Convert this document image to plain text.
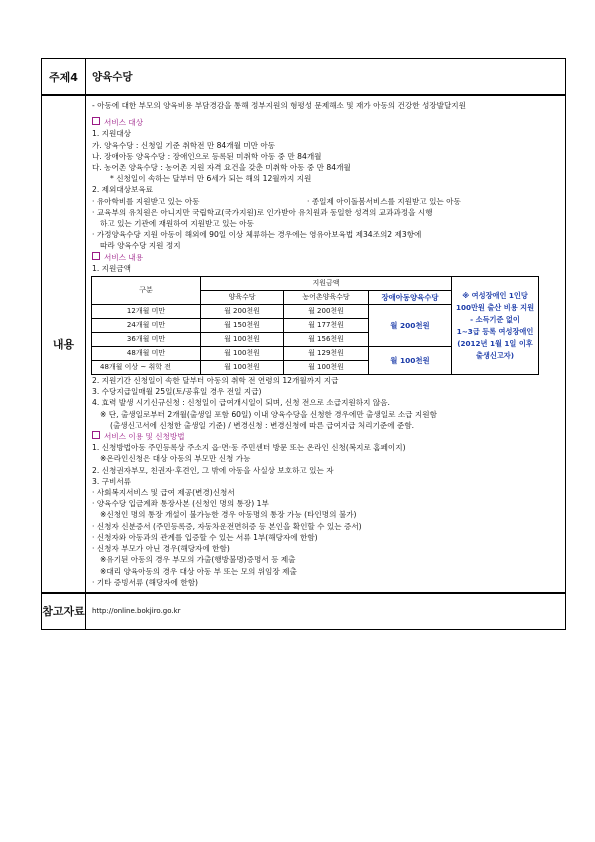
주제4	양육수당
내용	
- 아동에 대한 부모의 양육비용 부담경감을 통해 정부지원의 형평성 문제해소 및 재가 아동의 건강한 성장발달지원
서비스 대상
1. 지원대상
가. 양육수당 : 신청일 기준 취학전 만 84개월 미만 아동
나. 장애아동 양육수당 : 장애인으로 등록된 미취학 아동 중 만 84개월
다. 농어촌 양육수당 : 농어촌 지원 자격 요건을 갖춘 미취학 아동 중 만 84개월
* 신청일이 속하는 달부터 만 6세가 되는 해의 12월까지 지원
2. 제외대상보육료
· 유아학비를 지원받고 있는 아동	· 종일제 아이돌봄서비스를 지원받고 있는 아동
· 교육부의 유치원은 아니지만 국립학교(국가지원)로 인가받아 유치원과 동일한 성격의 교과과정을 시행
하고 있는 기관에 재원하여 지원받고 있는 아동
· 가정양육수당 지원 아동이 해외에 90일 이상 체류하는 경우에는 영유아보육법 제34조의2 제3항에
따라 양육수당 지원 정지
서비스 내용
1. 지원금액
구분	지원금액	
※ 여성장애인 1인당
100만원 출산 비용 지원
- 소득기준 없이
1~3급 등록 여성장애인
(2012년 1월 1일 이후
출생신고자)

양육수당	농어촌양육수당	장애아동양육수당
12개월 미만	월 200천원	월 200천원	월 200천원
24개월 미만	월 150천원	월 177천원
36개월 미만	월 100천원	월 156천원
48개월 미만	월 100천원	월 129천원	월 100천원
48개월 이상 ~ 취학 전	월 100천원	월 100천원
2. 지원기간 신청일이 속한 달부터 아동의 취학 전 연령의 12개월까지 지급
3. 수당지급일매월 25일(토/공휴일 경우 전일 지급)
4. 효력 발생 시기신규신청 : 신청일이 급여개시일이 되며, 신청 전으로 소급지원하지 않음.
※ 단, 출생일로부터 2개월(출생일 포함 60일) 이내 양육수당을 신청한 경우에만 출생일로 소급 지원함
(출생신고서에 신청한 출생일 기준) / 변경신청 : 변경신청에 따른 급여지급 처리기준에 준함.
서비스 이용 및 신청방법
1. 신청방법아동 주민등록상 주소지 읍·면·동 주민센터 방문 또는 온라인 신청(복지로 홈페이지)
※온라인신청은 대상 아동의 부모만 신청 가능
2. 신청권자부모, 친권자·후견인, 그 밖에 아동을 사실상 보호하고 있는 자
3. 구비서류
· 사회복지서비스 및 급여 제공(변경)신청서
· 양육수당 입금계좌 통장사본 (신청인 명의 통장) 1부
※신청인 명의 통장 개설이 불가능한 경우 아동명의 통장 가능 (타인명의 불가)
· 신청자 신분증서 (주민등록증, 자동차운전면허증 등 본인을 확인할 수 있는 증서)
· 신청자와 아동과의 관계를 입증할 수 있는 서류 1부(해당자에 한함)
· 신청자 부모가 아닌 경우(해당자에 한함)
※유기된 아동의 경우 부모의 가출(행방불명)증명서 등 제출
※대리 양육아동의 경우 대상 아동 부 또는 모의 위임장 제출
· 기타 증빙서류 (해당자에 한함)

참고자료	http://online.bokjiro.go.kr
